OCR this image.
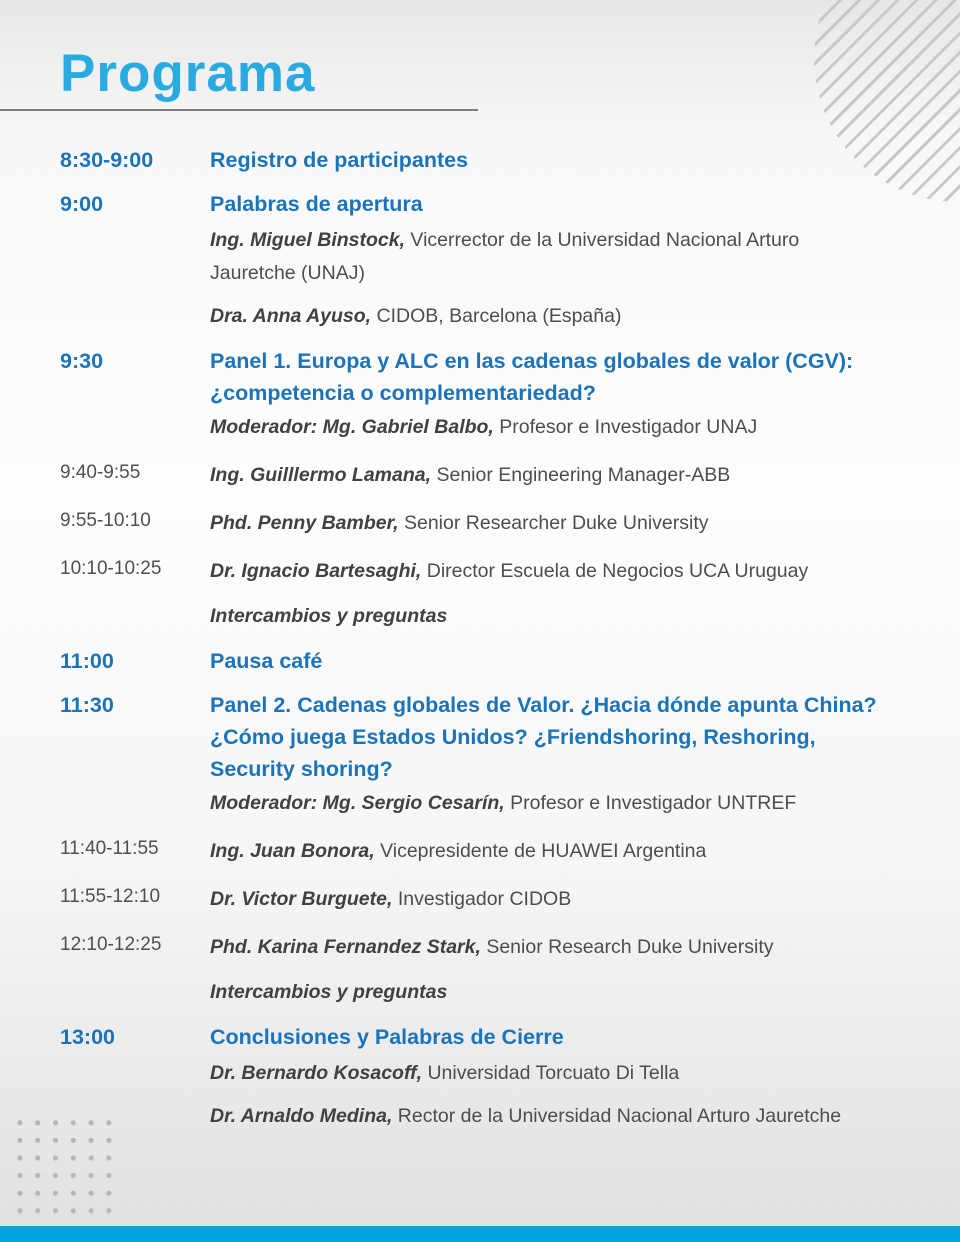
Programa
8:30-9:00	Registro de participantes

9:00	Palabras de apertura

Ing. Miguel Binstock, Vicerrector de la Universidad Nacional Arturo Jauretche (UNAJ)

Dra. Anna Ayuso, CIDOB, Barcelona (España)

9:30	Panel 1. Europa y ALC en las cadenas globales de valor (CGV): ¿competencia o complementariedad?

Moderador: Mg. Gabriel Balbo, Profesor e Investigador UNAJ

9:40-9:55	Ing. Guilllermo Lamana, Senior Engineering Manager-ABB

9:55-10:10	Phd. Penny Bamber, Senior Researcher Duke University

10:10-10:25	Dr. Ignacio Bartesaghi, Director Escuela de Negocios UCA Uruguay

Intercambios y preguntas

11:00	Pausa café

11:30	Panel 2. Cadenas globales de Valor. ¿Hacia dónde apunta China? ¿Cómo juega Estados Unidos? ¿Friendshoring, Reshoring, Security shoring?

Moderador: Mg. Sergio Cesarín, Profesor e Investigador UNTREF

11:40-11:55	Ing. Juan Bonora, Vicepresidente de HUAWEI Argentina

11:55-12:10	Dr. Victor Burguete, Investigador CIDOB

12:10-12:25	Phd. Karina Fernandez Stark, Senior Research Duke University

Intercambios y preguntas

13:00	Conclusiones y Palabras de Cierre

Dr. Bernardo Kosacoff, Universidad Torcuato Di Tella

Dr. Arnaldo Medina, Rector de la Universidad Nacional Arturo Jauretche
